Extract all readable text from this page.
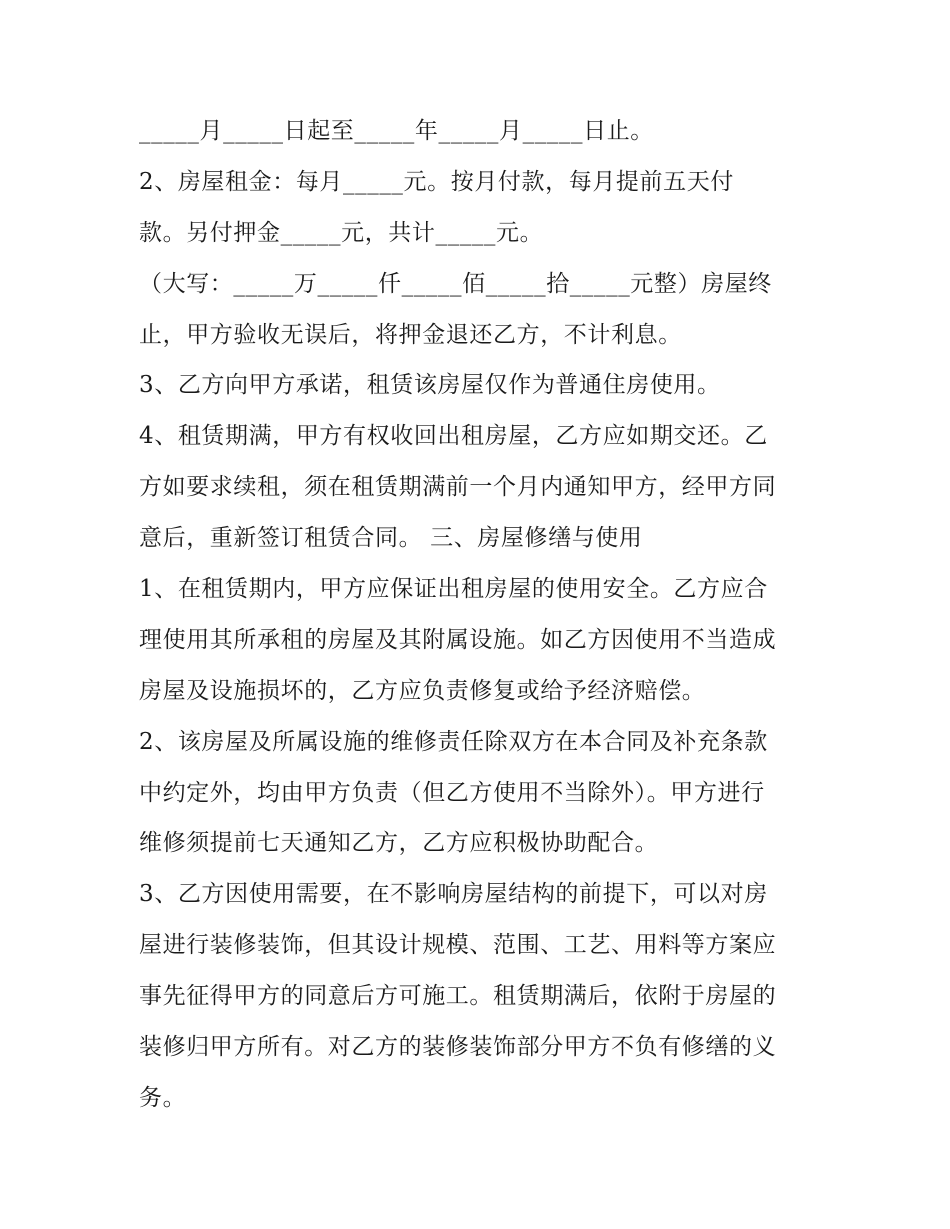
_____月_____日起至_____年_____月_____日止。
2、房屋租金：每月_____元。按月付款，每月提前五天付
款。另付押金_____元，共计_____元。
（大写：_____万_____仟_____佰_____拾_____元整）房屋终
止，甲方验收无误后，将押金退还乙方，不计利息。
3、乙方向甲方承诺，租赁该房屋仅作为普通住房使用。
4、租赁期满，甲方有权收回出租房屋，乙方应如期交还。乙
方如要求续租，须在租赁期满前一个月内通知甲方，经甲方同
意后，重新签订租赁合同。 三、房屋修缮与使用
1、在租赁期内，甲方应保证出租房屋的使用安全。乙方应合
理使用其所承租的房屋及其附属设施。如乙方因使用不当造成
房屋及设施损坏的，乙方应负责修复或给予经济赔偿。
2、该房屋及所属设施的维修责任除双方在本合同及补充条款
中约定外，均由甲方负责（但乙方使用不当除外）。甲方进行
维修须提前七天通知乙方，乙方应积极协助配合。
3、乙方因使用需要，在不影响房屋结构的前提下，可以对房
屋进行装修装饰，但其设计规模、范围、工艺、用料等方案应
事先征得甲方的同意后方可施工。租赁期满后，依附于房屋的
装修归甲方所有。对乙方的装修装饰部分甲方不负有修缮的义
务。
